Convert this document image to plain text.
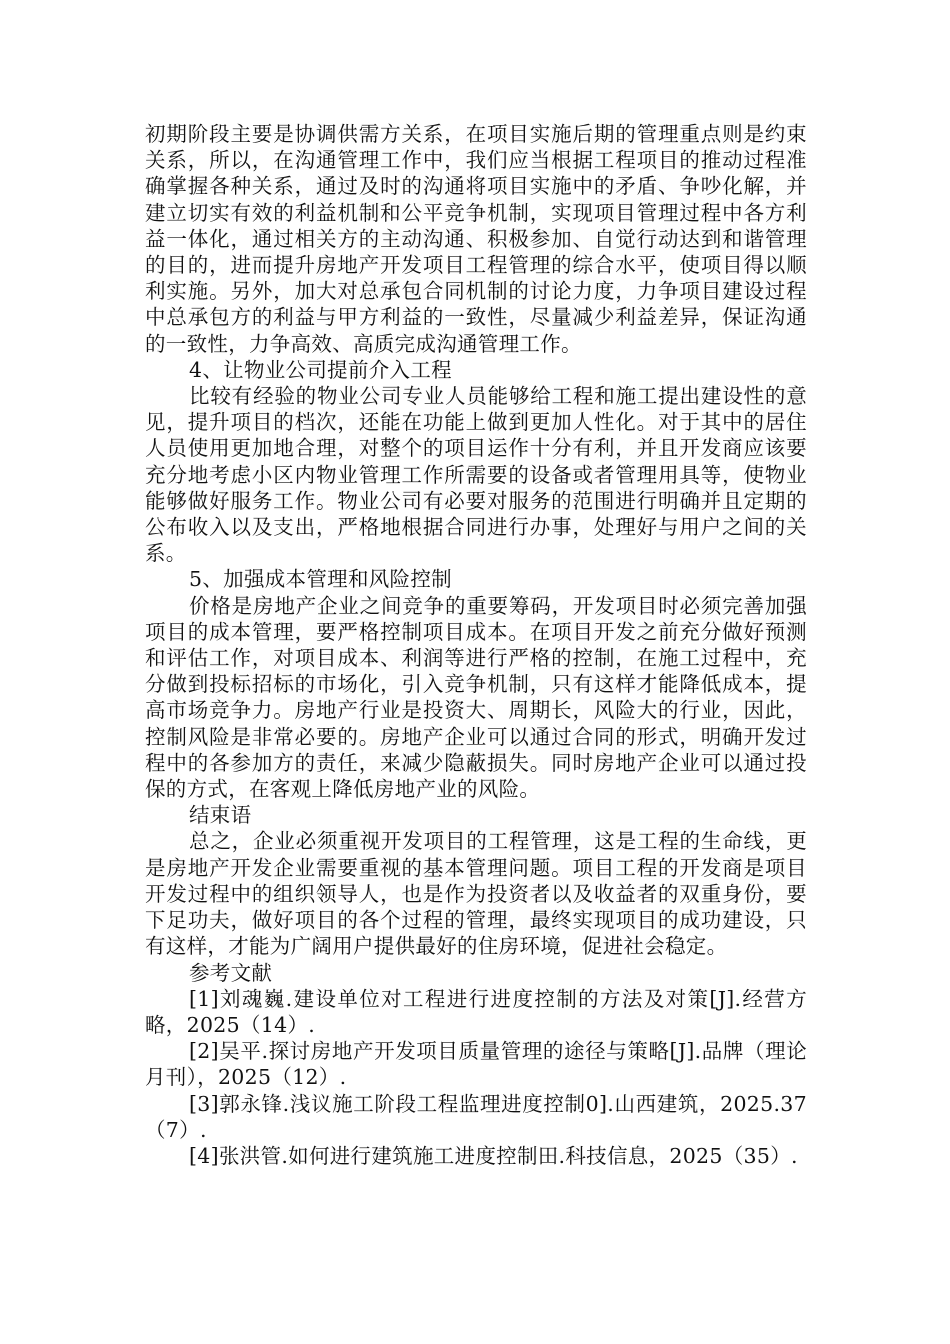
初期阶段主要是协调供需方关系，在项目实施后期的管理重点则是约束关系，所以，在沟通管理工作中，我们应当根据工程项目的推动过程准确掌握各种关系，通过及时的沟通将项目实施中的矛盾、争吵化解，并建立切实有效的利益机制和公平竞争机制，实现项目管理过程中各方利益一体化，通过相关方的主动沟通、积极参加、自觉行动达到和谐管理的目的，进而提升房地产开发项目工程管理的综合水平，使项目得以顺利实施。另外，加大对总承包合同机制的讨论力度，力争项目建设过程中总承包方的利益与甲方利益的一致性，尽量减少利益差异，保证沟通的一致性，力争高效、高质完成沟通管理工作。

4、让物业公司提前介入工程

比较有经验的物业公司专业人员能够给工程和施工提出建设性的意见，提升项目的档次，还能在功能上做到更加人性化。对于其中的居住人员使用更加地合理，对整个的项目运作十分有利，并且开发商应该要充分地考虑小区内物业管理工作所需要的设备或者管理用具等，使物业能够做好服务工作。物业公司有必要对服务的范围进行明确并且定期的公布收入以及支出，严格地根据合同进行办事，处理好与用户之间的关系。

5、加强成本管理和风险控制

价格是房地产企业之间竞争的重要筹码，开发项目时必须完善加强项目的成本管理，要严格控制项目成本。在项目开发之前充分做好预测和评估工作，对项目成本、利润等进行严格的控制，在施工过程中，充分做到投标招标的市场化，引入竞争机制，只有这样才能降低成本，提高市场竞争力。房地产行业是投资大、周期长，风险大的行业，因此，控制风险是非常必要的。房地产企业可以通过合同的形式，明确开发过程中的各参加方的责任，来减少隐蔽损失。同时房地产企业可以通过投保的方式，在客观上降低房地产业的风险。

结束语

总之，企业必须重视开发项目的工程管理，这是工程的生命线，更是房地产开发企业需要重视的基本管理问题。项目工程的开发商是项目开发过程中的组织领导人，也是作为投资者以及收益者的双重身份，要下足功夫，做好项目的各个过程的管理，最终实现项目的成功建设，只有这样，才能为广阔用户提供最好的住房环境，促进社会稳定。

参考文献

[1]刘魂巍.建设单位对工程进行进度控制的方法及对策[J].经营方略，2025（14）.

[2]吴平.探讨房地产开发项目质量管理的途径与策略[J].品牌（理论月刊），2025（12）.

[3]郭永锋.浅议施工阶段工程监理进度控制0].山西建筑，2025.37（7）.

[4]张洪管.如何进行建筑施工进度控制田.科技信息，2025（35）.
